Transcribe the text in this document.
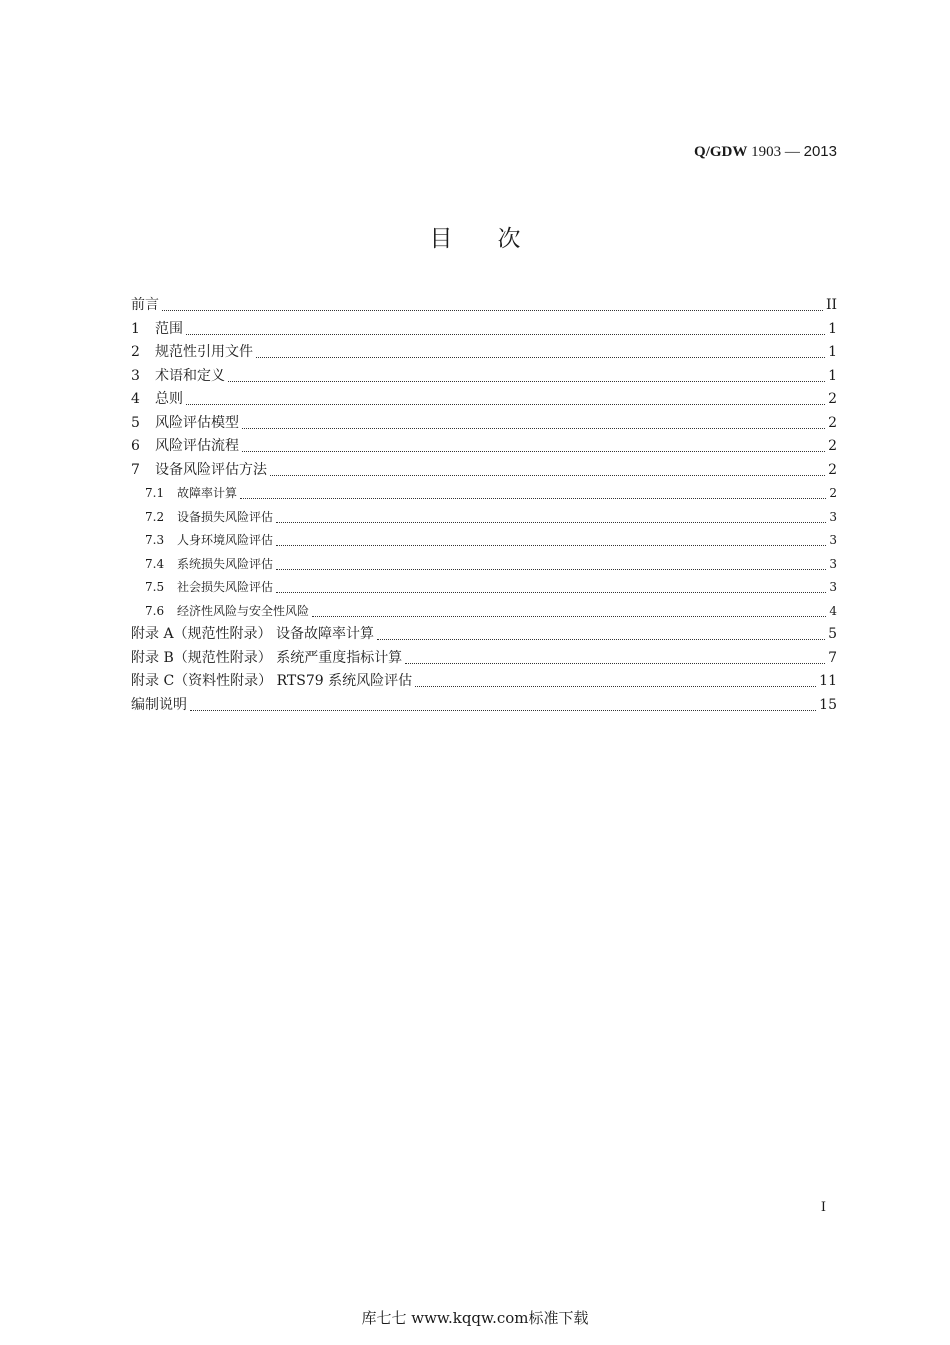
Q/GDW 1903 — 2013
目次
前言	II
1 范围	1
2 规范性引用文件	1
3 术语和定义	1
4 总则	2
5 风险评估模型	2
6 风险评估流程	2
7 设备风险评估方法	2
7.1 故障率计算	2
7.2 设备损失风险评估	3
7.3 人身环境风险评估	3
7.4 系统损失风险评估	3
7.5 社会损失风险评估	3
7.6 经济性风险与安全性风险	4
附录 A（规范性附录） 设备故障率计算	5
附录 B（规范性附录） 系统严重度指标计算	7
附录 C（资料性附录） RTS79 系统风险评估	11
编制说明	15
I
库七七 www.kqqw.com标准下载
